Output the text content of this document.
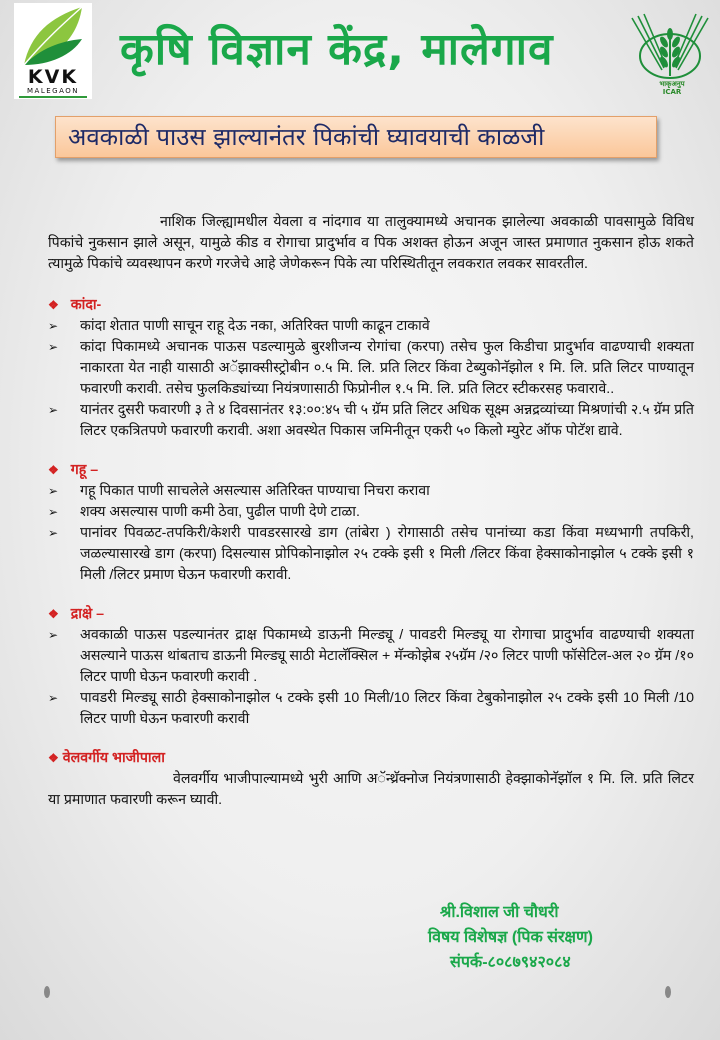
KVK
MALEGAON
कृषि विज्ञान केंद्र, मालेगाव
भाकृअनुप
ICAR
अवकाळी पाउस झाल्यानंतर पिकांची घ्यावयाची काळजी

नाशिक जिल्ह्यामधील येवला व नांदगाव या तालुक्यामध्ये अचानक झालेल्या अवकाळी पावसामुळे विविध पिकांचे नुकसान झाले असून, यामुळे कीड व रोगाचा प्रादुर्भाव व पिक अशक्त होऊन अजून जास्त प्रमाणात नुकसान होऊ शकते त्यामुळे पिकांचे व्यवस्थापन करणे गरजेचे आहे जेणेकरून पिके त्या परिस्थितीतून लवकरात लवकर सावरतील.

❖ कांदा-
➢ कांदा शेतात पाणी साचून राहू देऊ नका, अतिरिक्त पाणी काढून टाकावे
➢ कांदा पिकामध्ये अचानक पाऊस पडल्यामुळे बुरशीजन्य रोगांचा (करपा) तसेच फुल किडीचा प्रादुर्भाव वाढण्याची शक्यता नाकारता येत नाही यासाठी अॅझाक्सीस्ट्रोबीन ०.५ मि. लि. प्रति लिटर किंवा टेब्युकोनॅझोल १ मि. लि. प्रति लिटर पाण्यातून फवारणी करावी. तसेच फुलकिड्यांच्या नियंत्रणासाठी फिप्रोनील १.५ मि. लि. प्रति लिटर स्टीकरसह फवारावे..
➢ यानंतर दुसरी फवारणी ३ ते ४ दिवसानंतर १३:००:४५ ची ५ ग्रॅम प्रति लिटर अधिक सूक्ष्म अन्नद्रव्यांच्या मिश्रणांची २.५ ग्रॅम प्रति लिटर एकत्रितपणे फवारणी करावी. अशा अवस्थेत पिकास जमिनीतून एकरी ५० किलो म्युरेट ऑफ पोटॅश द्यावे.
❖ गहू –
➢ गहू पिकात पाणी साचलेले असल्यास अतिरिक्त पाण्याचा निचरा करावा
➢ शक्य असल्यास पाणी कमी ठेवा, पुढील पाणी देणे टाळा.
➢ पानांवर पिवळट-तपकिरी/केशरी पावडरसारखे डाग (तांबेरा ) रोगासाठी तसेच पानांच्या कडा किंवा मध्यभागी तपकिरी, जळल्यासारखे डाग (करपा) दिसल्यास प्रोपिकोनाझोल २५ टक्के इसी १ मिली /लिटर किंवा हेक्साकोनाझोल ५ टक्के इसी १ मिली /लिटर प्रमाण घेऊन फवारणी करावी.
❖ द्राक्षे –
➢ अवकाळी पाऊस पडल्यानंतर द्राक्ष पिकामध्ये डाऊनी मिल्ड्यू / पावडरी मिल्ड्यू या रोगाचा प्रादुर्भाव वाढण्याची शक्यता असल्याने पाऊस थांबताच डाऊनी मिल्ड्यू साठी मेटालॅक्सिल + मॅन्कोझेब २५ग्रॅम /२० लिटर पाणी फॉसेटिल-अल २० ग्रॅम /१० लिटर पाणी घेऊन फवारणी करावी .
➢ पावडरी मिल्ड्यू साठी हेक्साकोनाझोल ५ टक्के इसी 10 मिली/10 लिटर किंवा टेबुकोनाझोल २५ टक्के इसी 10 मिली /10 लिटर पाणी घेऊन फवारणी करावी
❖ वेलवर्गीय भाजीपाला
वेलवर्गीय भाजीपाल्यामध्ये भुरी आणि अॅन्थ्रॅक्नोज नियंत्रणासाठी हेक्झाकोनॅझॉल १ मि. लि. प्रति लिटर या प्रमाणात फवारणी करून घ्यावी.
श्री.विशाल जी चौधरी
विषय विशेषज्ञ (पिक संरक्षण)
संपर्क-८०८७९४२०८४
